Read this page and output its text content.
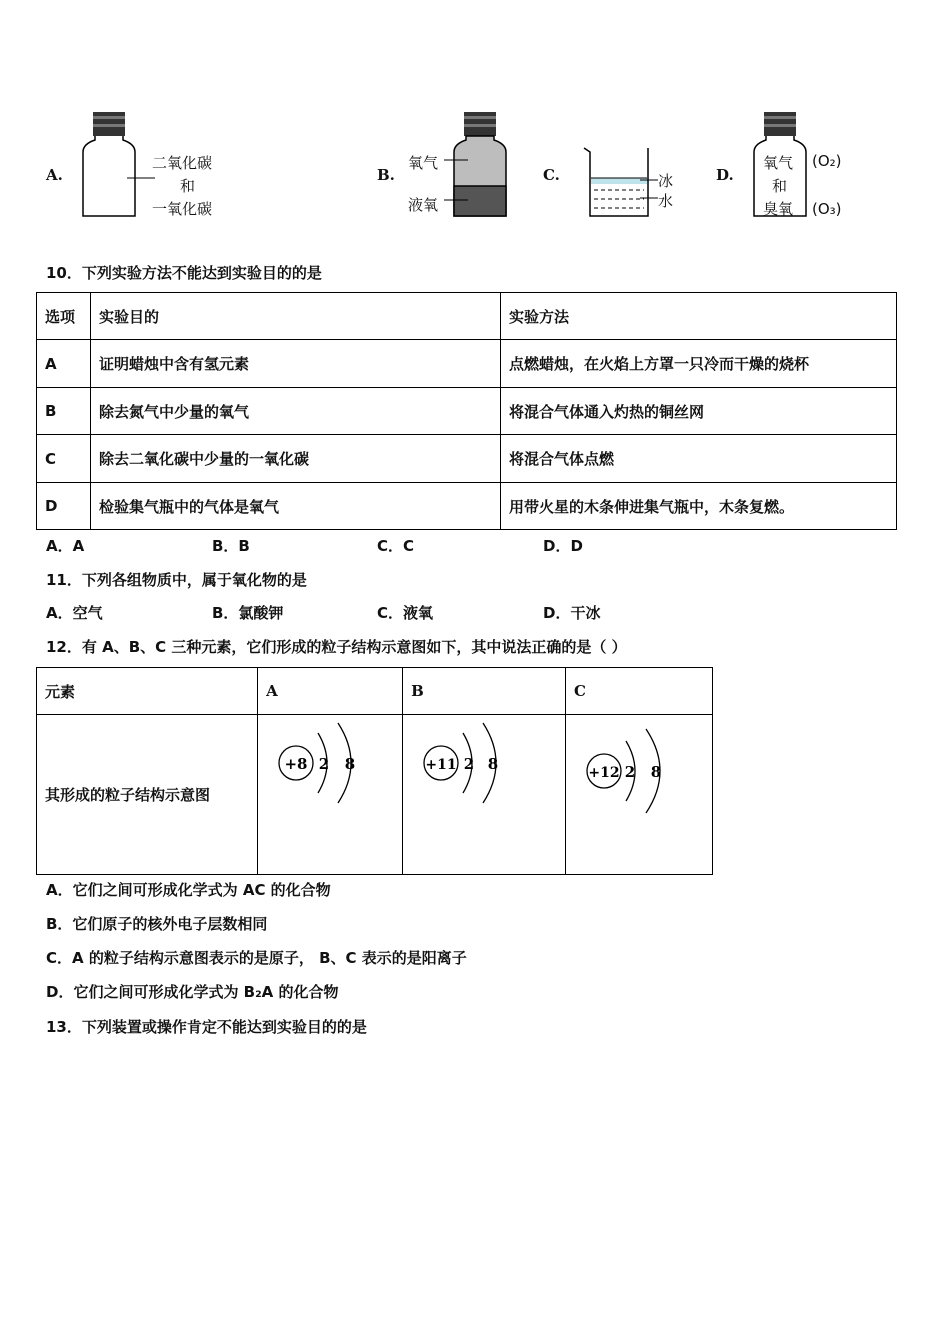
A.
二氧化碳
和
一氧化碳
B.
氧气
液氧
C.	冰
水
D.
氧气
和
臭氧
(O₂)
(O₃)
10．下列实验方法不能达到实验目的的是
选项	实验目的	实验方法
A	证明蜡烛中含有氢元素	点燃蜡烛，在火焰上方罩一只冷而干燥的烧杯
B	除去氮气中少量的氧气	将混合气体通入灼热的铜丝网
C	除去二氧化碳中少量的一氧化碳	将混合气体点燃
D	检验集气瓶中的气体是氧气	用带火星的木条伸进集气瓶中，木条复燃。
A．A	B．B	C．C	D．D
11．下列各组物质中，属于氧化物的是
A．空气	B．氯酸钾	C．液氧	D．干冰
12．有 A、B、C 三种元素，它们形成的粒子结构示意图如下，其中说法正确的是（ ）
元素	A	B	C
其形成的粒子结构示意图	+8 2 8	+11 2 8	+12 2 8
A．它们之间可形成化学式为 AC 的化合物
B．它们原子的核外电子层数相同
C．A 的粒子结构示意图表示的是原子， B、C 表示的是阳离子
D．它们之间可形成化学式为 B₂A 的化合物
13．下列装置或操作肯定不能达到实验目的的是
